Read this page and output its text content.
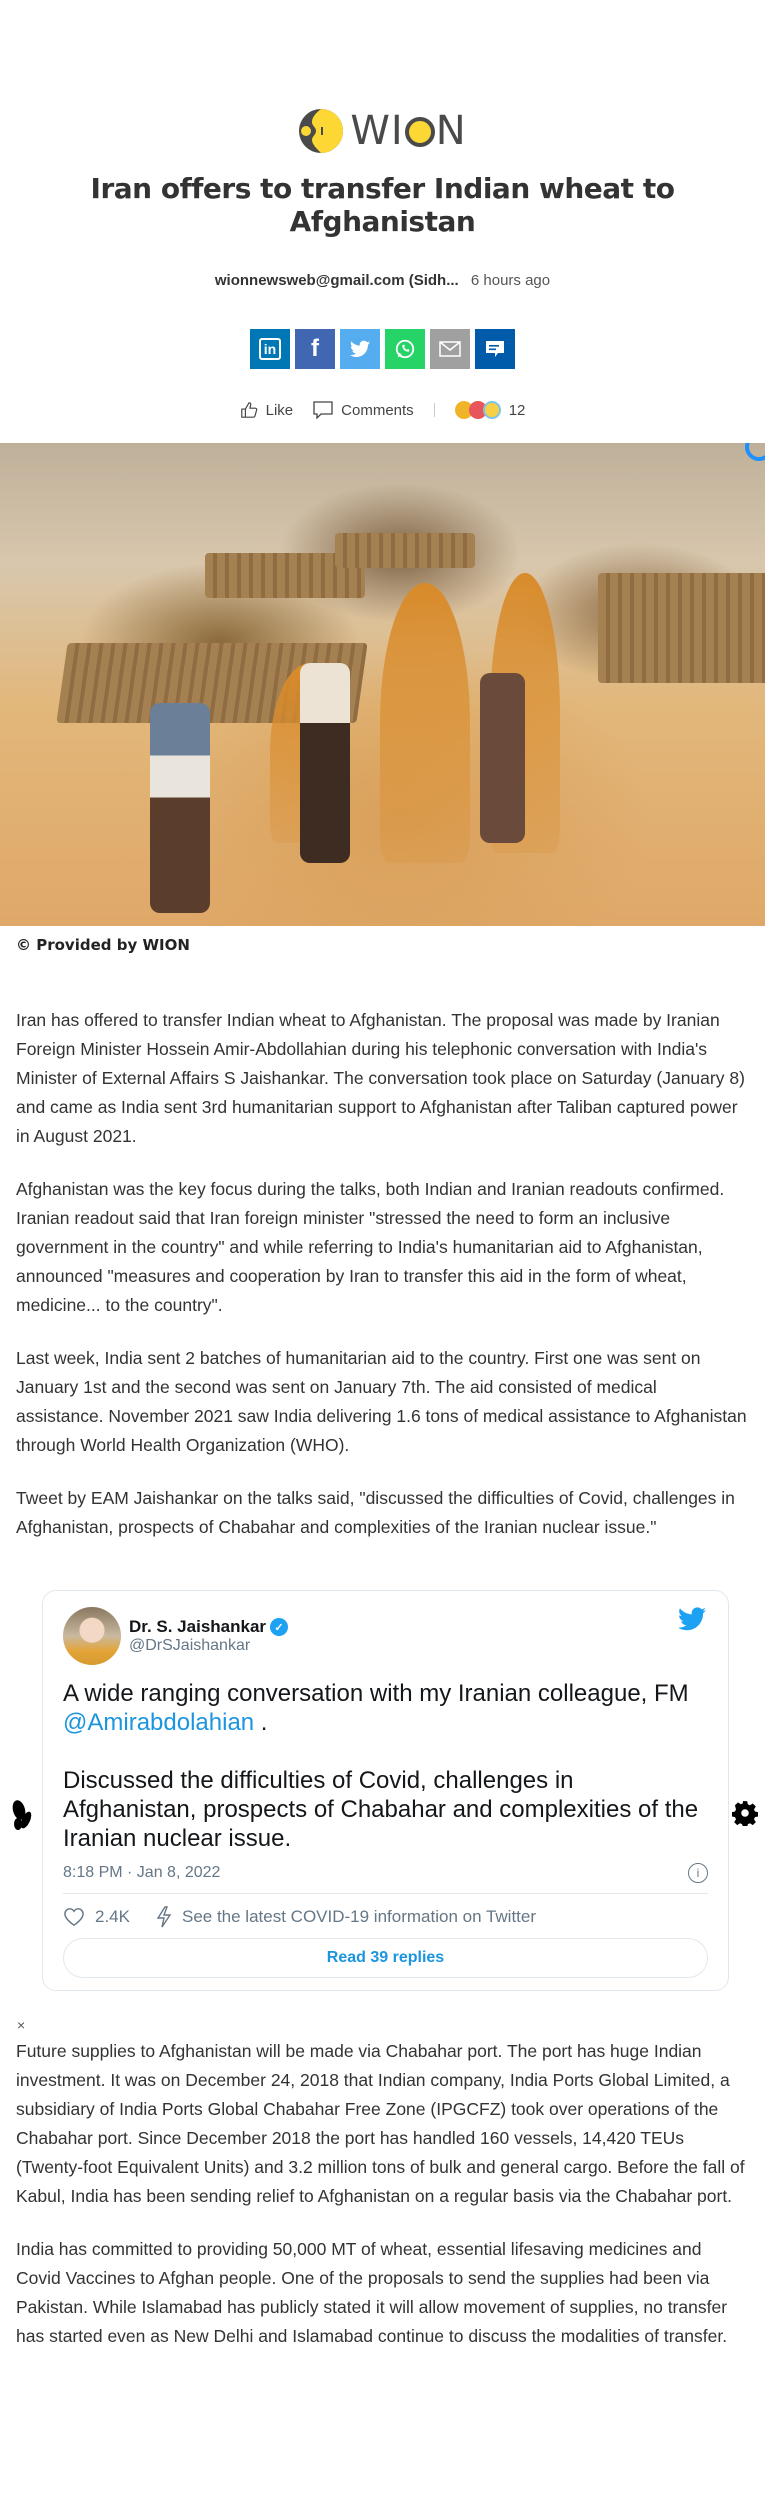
W I N
Iran offers to transfer Indian wheat to Afghanistan
wionnewsweb@gmail.com (Sidh... 6 hours ago
in f
Like	Comments	12
© Provided by WION

Iran has offered to transfer Indian wheat to Afghanistan. The proposal was made by Iranian Foreign Minister Hossein Amir-Abdollahian during his telephonic conversation with India's Minister of External Affairs S Jaishankar. The conversation took place on Saturday (January 8) and came as India sent 3rd humanitarian support to Afghanistan after Taliban captured power in August 2021.

Afghanistan was the key focus during the talks, both Indian and Iranian readouts confirmed. Iranian readout said that Iran foreign minister "stressed the need to form an inclusive government in the country" and while referring to India's humanitarian aid to Afghanistan, announced "measures and cooperation by Iran to transfer this aid in the form of wheat, medicine... to the country".

Last week, India sent 2 batches of humanitarian aid to the country. First one was sent on January 1st and the second was sent on January 7th. The aid consisted of medical assistance. November 2021 saw India delivering 1.6 tons of medical assistance to Afghanistan through World Health Organization (WHO).

Tweet by EAM Jaishankar on the talks said, "discussed the difficulties of Covid, challenges in Afghanistan, prospects of Chabahar and complexities of the Iranian nuclear issue."

Dr. S. Jaishankar ✓
@DrSJaishankar

A wide ranging conversation with my Iranian colleague, FM @Amirabdolahian .

Discussed the difficulties of Covid, challenges in Afghanistan, prospects of Chabahar and complexities of the Iranian nuclear issue.

8:18 PM · Jan 8, 2022	i
2.4K	See the latest COVID-19 information on Twitter
Read 39 replies
×

Future supplies to Afghanistan will be made via Chabahar port. The port has huge Indian investment. It was on December 24, 2018 that Indian company, India Ports Global Limited, a subsidiary of India Ports Global Chabahar Free Zone (IPGCFZ) took over operations of the Chabahar port. Since December 2018 the port has handled 160 vessels, 14,420 TEUs (Twenty-foot Equivalent Units) and 3.2 million tons of bulk and general cargo. Before the fall of Kabul, India has been sending relief to Afghanistan on a regular basis via the Chabahar port.

India has committed to providing 50,000 MT of wheat, essential lifesaving medicines and Covid Vaccines to Afghan people. One of the proposals to send the supplies had been via Pakistan. While Islamabad has publicly stated it will allow movement of supplies, no transfer has started even as New Delhi and Islamabad continue to discuss the modalities of transfer.
